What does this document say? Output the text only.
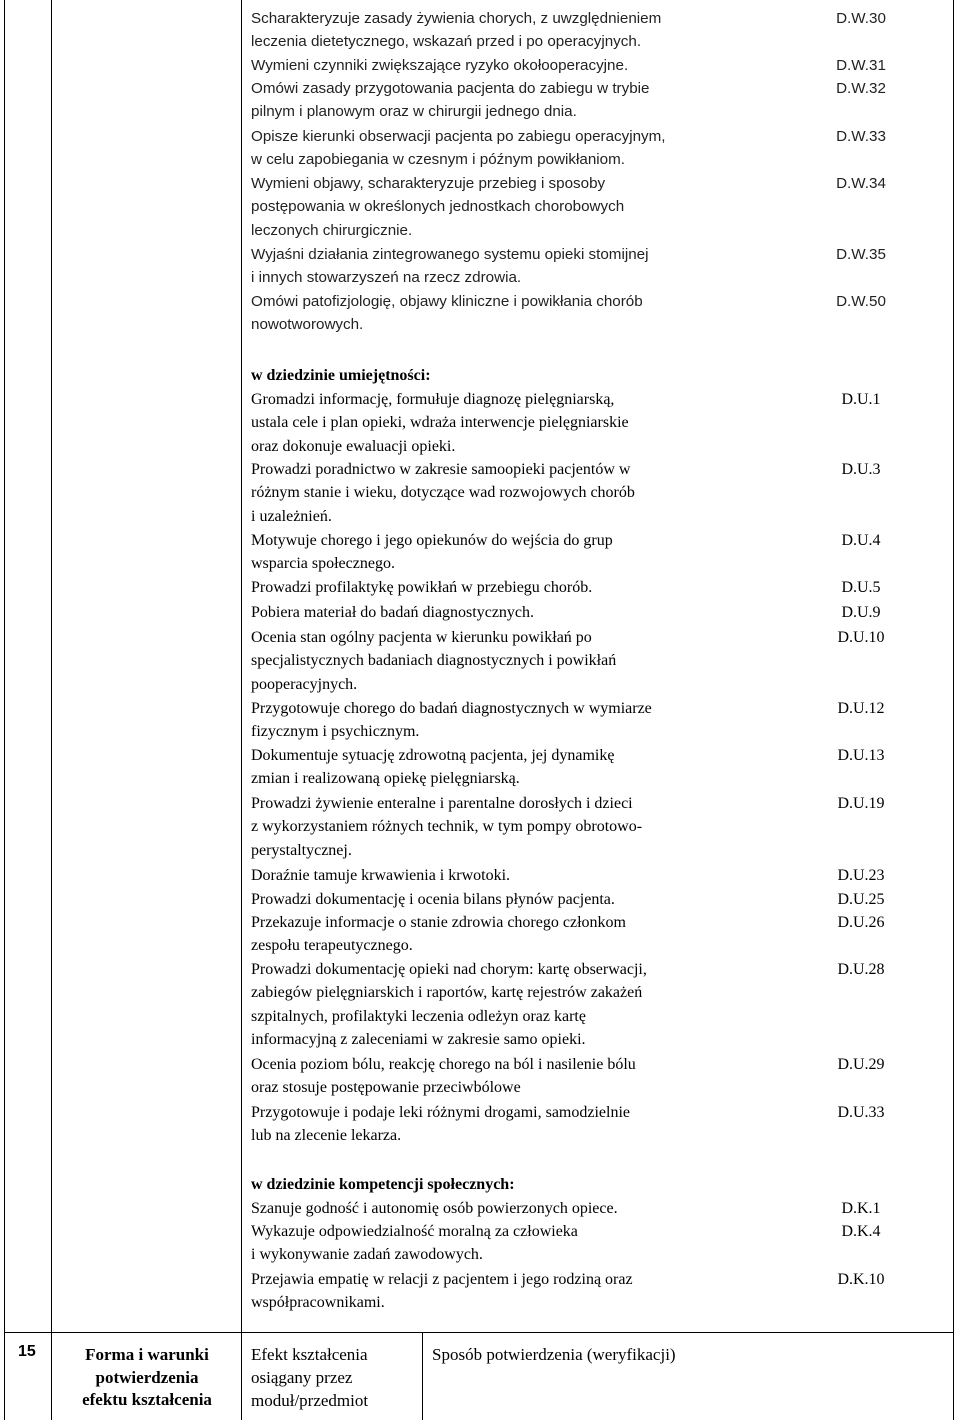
Scharakteryzuje zasady żywienia chorych, z uwzględnieniem
leczenia dietetycznego, wskazań przed i po operacyjnych.
D.W.30
Wymieni czynniki zwiększające ryzyko okołooperacyjne.	D.W.31
Omówi zasady przygotowania pacjenta do zabiegu w trybie
pilnym i planowym oraz w chirurgii jednego dnia.
D.W.32
Opisze kierunki obserwacji pacjenta po zabiegu operacyjnym,
w celu zapobiegania w czesnym i późnym powikłaniom.
D.W.33
Wymieni objawy, scharakteryzuje przebieg i sposoby
postępowania w określonych jednostkach chorobowych
leczonych chirurgicznie.
D.W.34
Wyjaśni działania zintegrowanego systemu opieki stomijnej
i innych stowarzyszeń na rzecz zdrowia.
D.W.35
Omówi patofizjologię, objawy kliniczne i powikłania chorób
nowotworowych.
D.W.50
w dziedzinie umiejętności:
Gromadzi informację, formułuje diagnozę pielęgniarską,
ustala cele i plan opieki, wdraża interwencje pielęgniarskie
oraz dokonuje ewaluacji opieki.
D.U.1
Prowadzi poradnictwo w zakresie samoopieki pacjentów w
różnym stanie i wieku, dotyczące wad rozwojowych chorób
i uzależnień.
D.U.3
Motywuje chorego i jego opiekunów do wejścia do grup
wsparcia społecznego.
D.U.4
Prowadzi profilaktykę powikłań w przebiegu chorób.	D.U.5
Pobiera materiał do badań diagnostycznych.	D.U.9
Ocenia stan ogólny pacjenta w kierunku powikłań po
specjalistycznych badaniach diagnostycznych i powikłań
pooperacyjnych.
D.U.10
Przygotowuje chorego do badań diagnostycznych w wymiarze
fizycznym i psychicznym.
D.U.12
Dokumentuje sytuację zdrowotną pacjenta, jej dynamikę
zmian i realizowaną opiekę pielęgniarską.
D.U.13
Prowadzi żywienie enteralne i parentalne dorosłych i dzieci
z wykorzystaniem różnych technik, w tym pompy obrotowo-
perystaltycznej.
D.U.19
Doraźnie tamuje krwawienia i krwotoki.	D.U.23
Prowadzi dokumentację i ocenia bilans płynów pacjenta.	D.U.25
Przekazuje informacje o stanie zdrowia chorego członkom
zespołu terapeutycznego.
D.U.26
Prowadzi dokumentację opieki nad chorym: kartę obserwacji,
zabiegów pielęgniarskich i raportów, kartę rejestrów zakażeń
szpitalnych, profilaktyki leczenia odleżyn oraz kartę
informacyjną z zaleceniami w zakresie samo opieki.
D.U.28
Ocenia poziom bólu, reakcję chorego na ból i nasilenie bólu
oraz stosuje postępowanie przeciwbólowe
D.U.29
Przygotowuje i podaje leki różnymi drogami, samodzielnie
lub na zlecenie lekarza.
D.U.33
w dziedzinie kompetencji społecznych:
Szanuje godność i autonomię osób powierzonych opiece.	D.K.1
Wykazuje odpowiedzialność moralną za człowieka
i wykonywanie zadań zawodowych.
D.K.4
Przejawia empatię w relacji z pacjentem i jego rodziną oraz
współpracownikami.
D.K.10
15	Forma i warunki
potwierdzenia
efektu kształcenia
Efekt kształcenia
osiągany przez
moduł/przedmiot
Sposób potwierdzenia (weryfikacji)
